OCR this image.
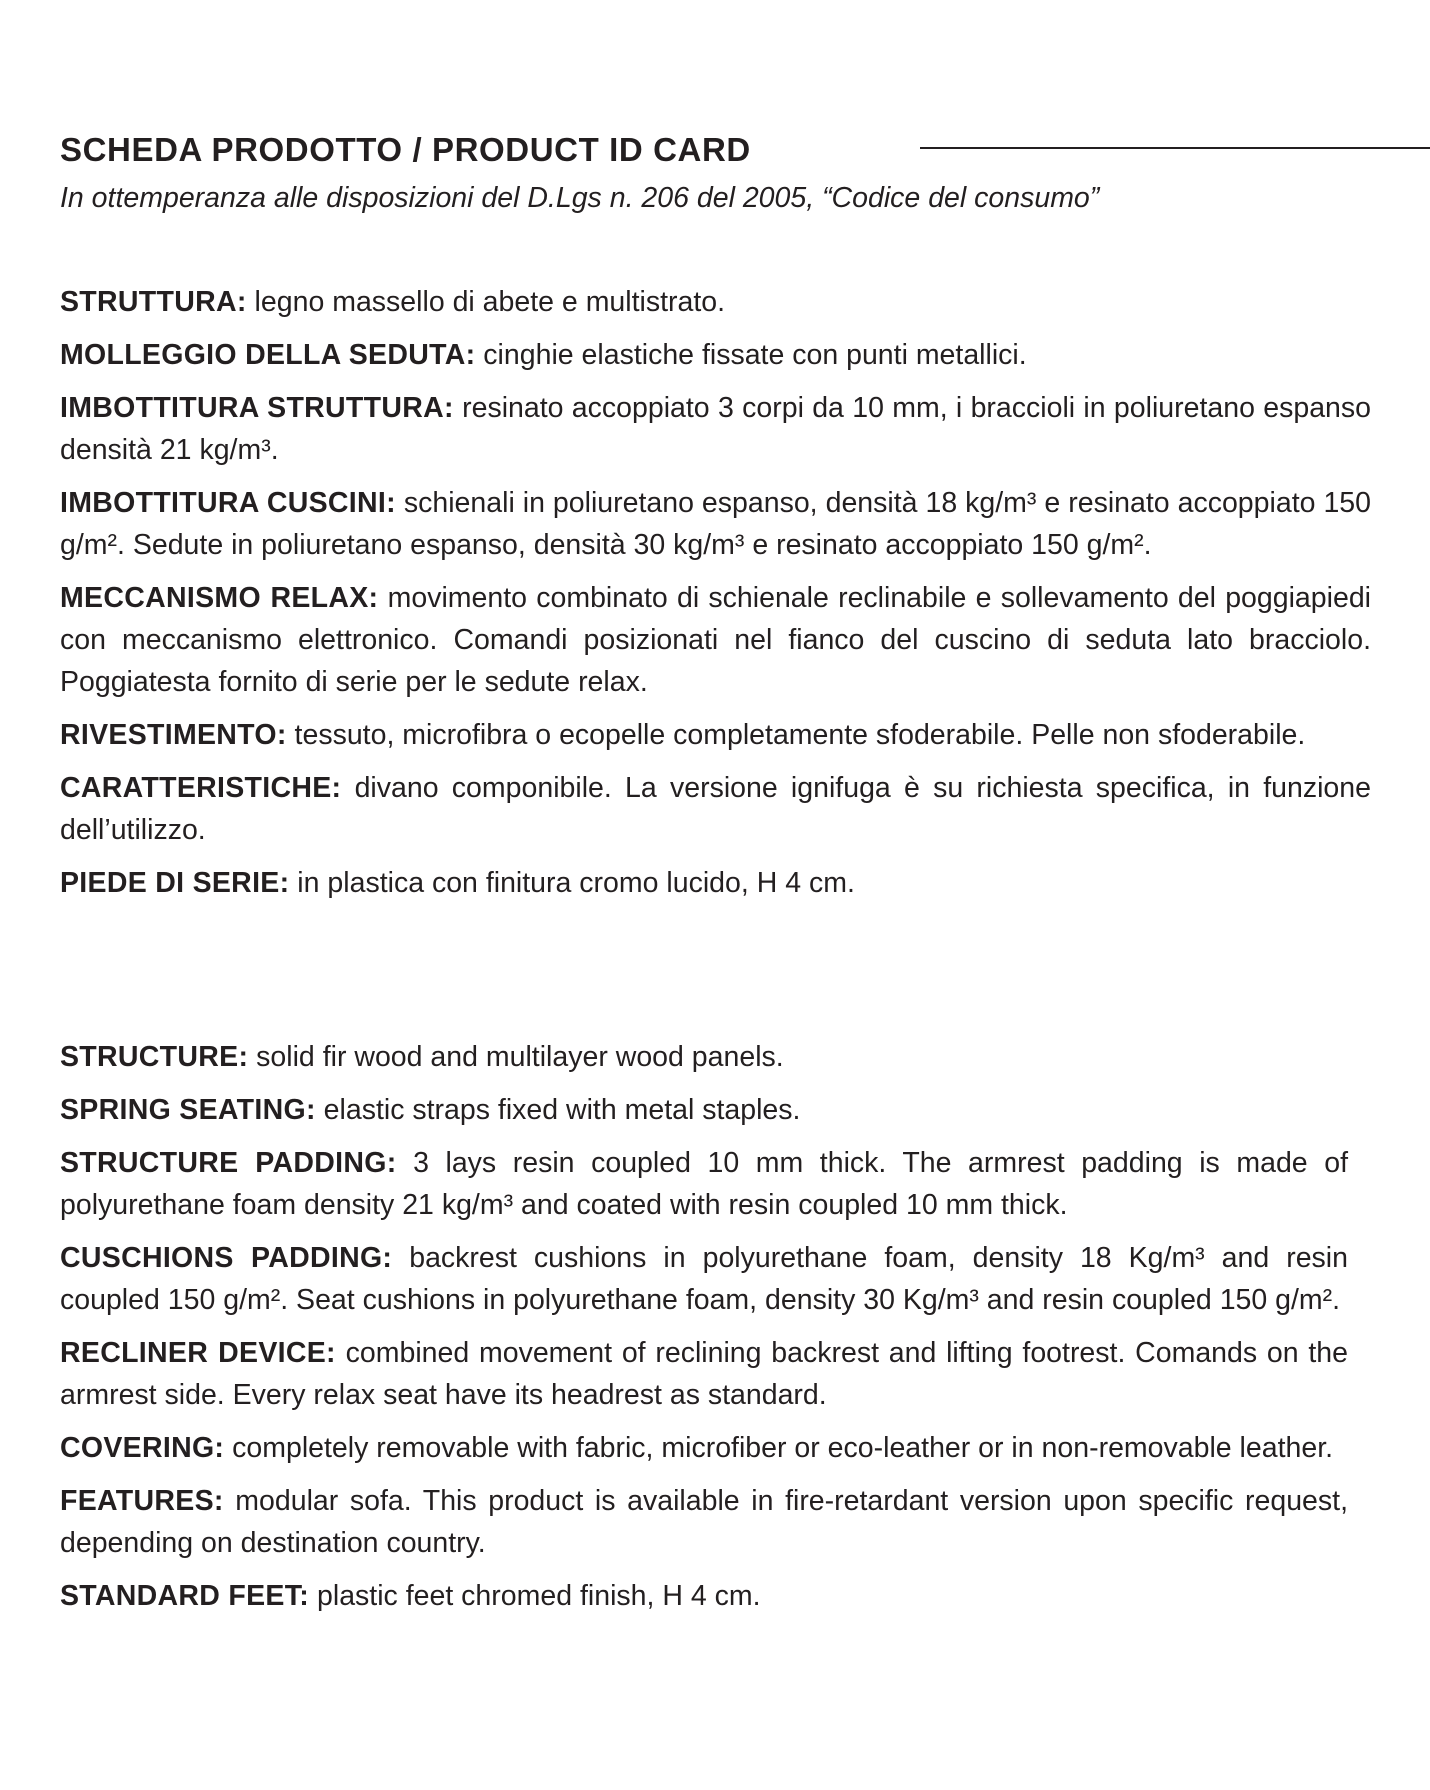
SCHEDA PRODOTTO / PRODUCT ID CARD
In ottemperanza alle disposizioni del D.Lgs n. 206 del 2005, “Codice del consumo”

STRUTTURA: legno massello di abete e multistrato.

MOLLEGGIO DELLA SEDUTA: cinghie elastiche fissate con punti metallici.

IMBOTTITURA STRUTTURA: resinato accoppiato 3 corpi da 10 mm, i braccioli in poliuretano espanso densità 21 kg/m³.

IMBOTTITURA CUSCINI: schienali in poliuretano espanso, densità 18 kg/m³ e resinato accoppiato 150 g/m². Sedute in poliuretano espanso, densità 30 kg/m³ e resinato accoppiato 150 g/m².

MECCANISMO RELAX: movimento combinato di schienale reclinabile e sollevamento del poggiapiedi con meccanismo elettronico. Comandi posizionati nel fianco del cuscino di seduta lato bracciolo. Poggiatesta fornito di serie per le sedute relax.

RIVESTIMENTO: tessuto, microfibra o ecopelle completamente sfoderabile. Pelle non sfoderabile.

CARATTERISTICHE: divano componibile. La versione ignifuga è su richiesta specifica, in funzione dell’utilizzo.

PIEDE DI SERIE: in plastica con finitura cromo lucido, H 4 cm.

STRUCTURE: solid fir wood and multilayer wood panels.

SPRING SEATING: elastic straps fixed with metal staples.

STRUCTURE PADDING: 3 lays resin coupled 10 mm thick. The armrest padding is made of polyurethane foam density 21 kg/m³ and coated with resin coupled 10 mm thick.

CUSCHIONS PADDING: backrest cushions in polyurethane foam, density 18 Kg/m³ and resin coupled 150 g/m². Seat cushions in polyurethane foam, density 30 Kg/m³ and resin coupled 150 g/m².

RECLINER DEVICE: combined movement of reclining backrest and lifting footrest. Comands on the armrest side. Every relax seat have its headrest as standard.

COVERING: completely removable with fabric, microfiber or eco-leather or in non-removable leather.

FEATURES: modular sofa. This product is available in fire-retardant version upon specific request, depending on destination country.

STANDARD FEET: plastic feet chromed finish, H 4 cm.
